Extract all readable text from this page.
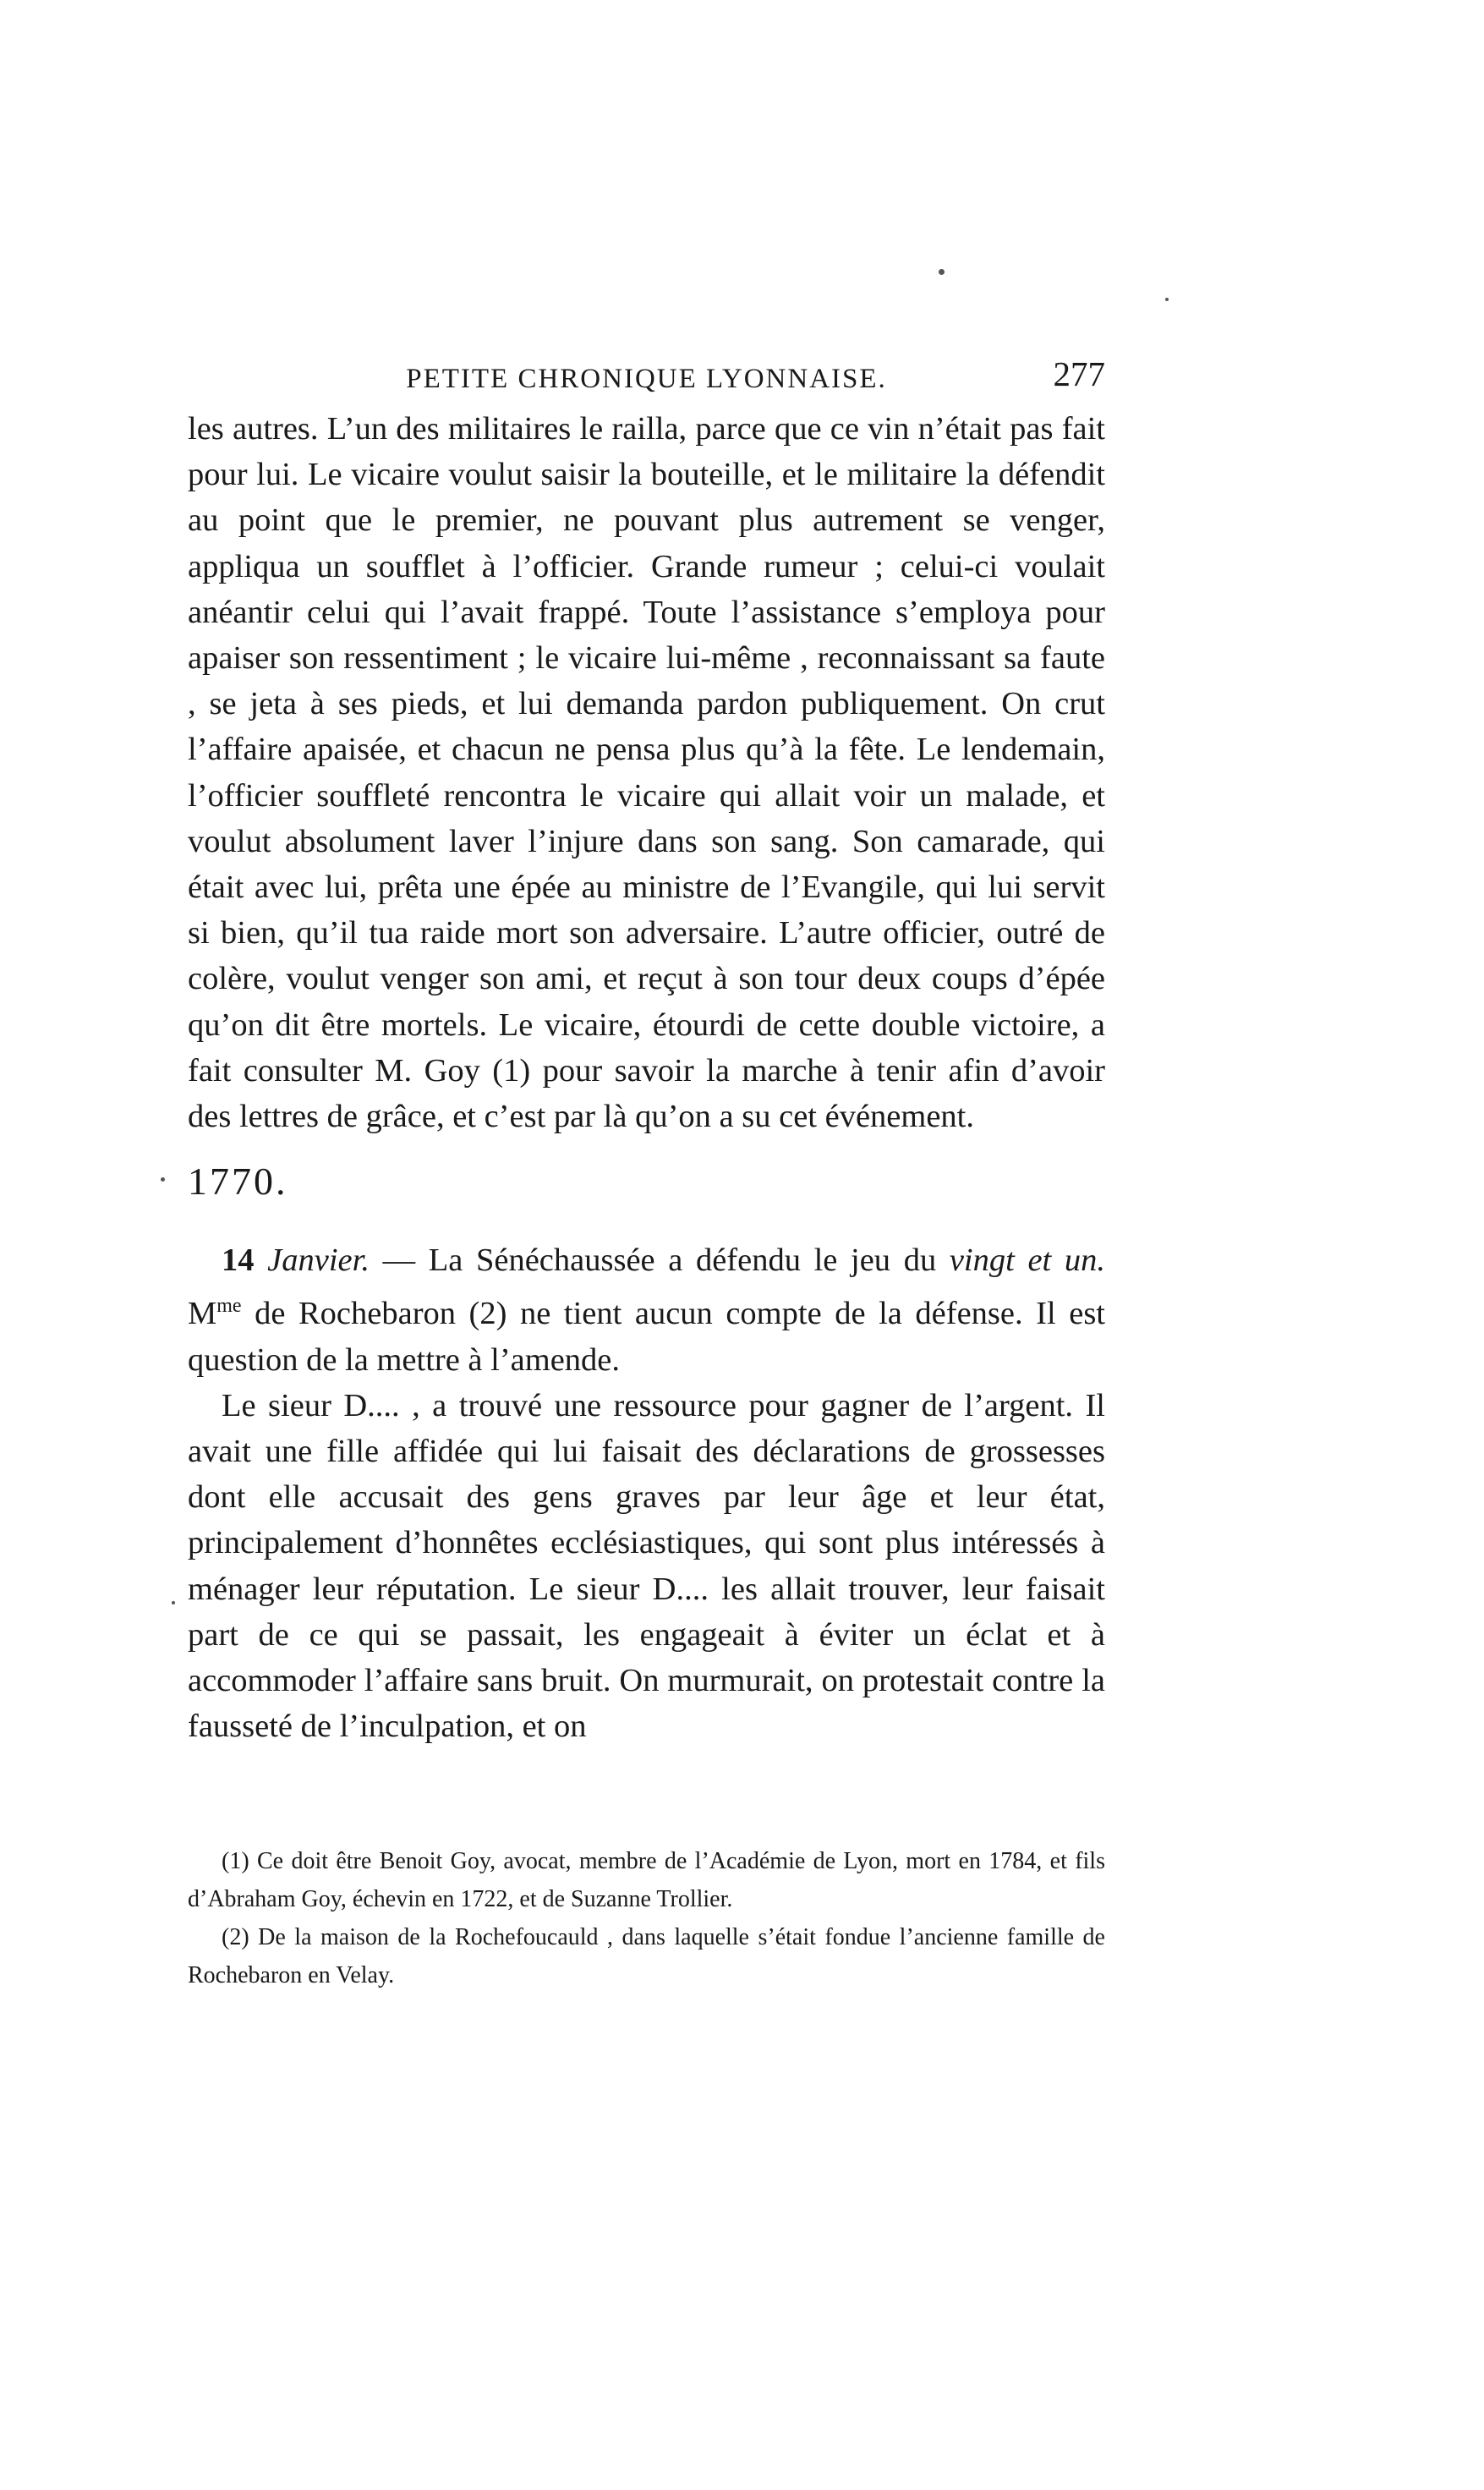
PETITE CHRONIQUE LYONNAISE.	277

les autres. L’un des militaires le railla, parce que ce vin n’était pas fait pour lui. Le vicaire voulut saisir la bouteille, et le militaire la défendit au point que le premier, ne pouvant plus autrement se venger, appliqua un soufflet à l’officier. Grande rumeur ; celui-ci voulait anéantir celui qui l’avait frappé. Toute l’assistance s’employa pour apaiser son ressentiment ; le vicaire lui-même , reconnaissant sa faute , se jeta à ses pieds, et lui demanda pardon publiquement. On crut l’affaire apaisée, et chacun ne pensa plus qu’à la fête. Le lendemain, l’officier souffleté rencontra le vicaire qui allait voir un malade, et voulut absolument laver l’injure dans son sang. Son camarade, qui était avec lui, prêta une épée au ministre de l’Evangile, qui lui servit si bien, qu’il tua raide mort son adversaire. L’autre officier, outré de colère, voulut venger son ami, et reçut à son tour deux coups d’épée qu’on dit être mortels. Le vicaire, étourdi de cette double victoire, a fait consulter M. Goy (1) pour savoir la marche à tenir afin d’avoir des lettres de grâce, et c’est par là qu’on a su cet événement.

1770.

14 Janvier. — La Sénéchaussée a défendu le jeu du vingt et un. $M^{me}$ de Rochebaron (2) ne tient aucun compte de la défense. Il est question de la mettre à l’amende.

Le sieur D.... , a trouvé une ressource pour gagner de l’argent. Il avait une fille affidée qui lui faisait des déclarations de grossesses dont elle accusait des gens graves par leur âge et leur état, principalement d’honnêtes ecclésiastiques, qui sont plus intéressés à ménager leur réputation. Le sieur D.... les allait trouver, leur faisait part de ce qui se passait, les engageait à éviter un éclat et à accommoder l’affaire sans bruit. On murmurait, on protestait contre la fausseté de l’inculpation, et on

(1) Ce doit être Benoit Goy, avocat, membre de l’Académie de Lyon, mort en 1784, et fils d’Abraham Goy, échevin en 1722, et de Suzanne Trollier.

(2) De la maison de la Rochefoucauld , dans laquelle s’était fondue l’ancienne famille de Rochebaron en Velay.
